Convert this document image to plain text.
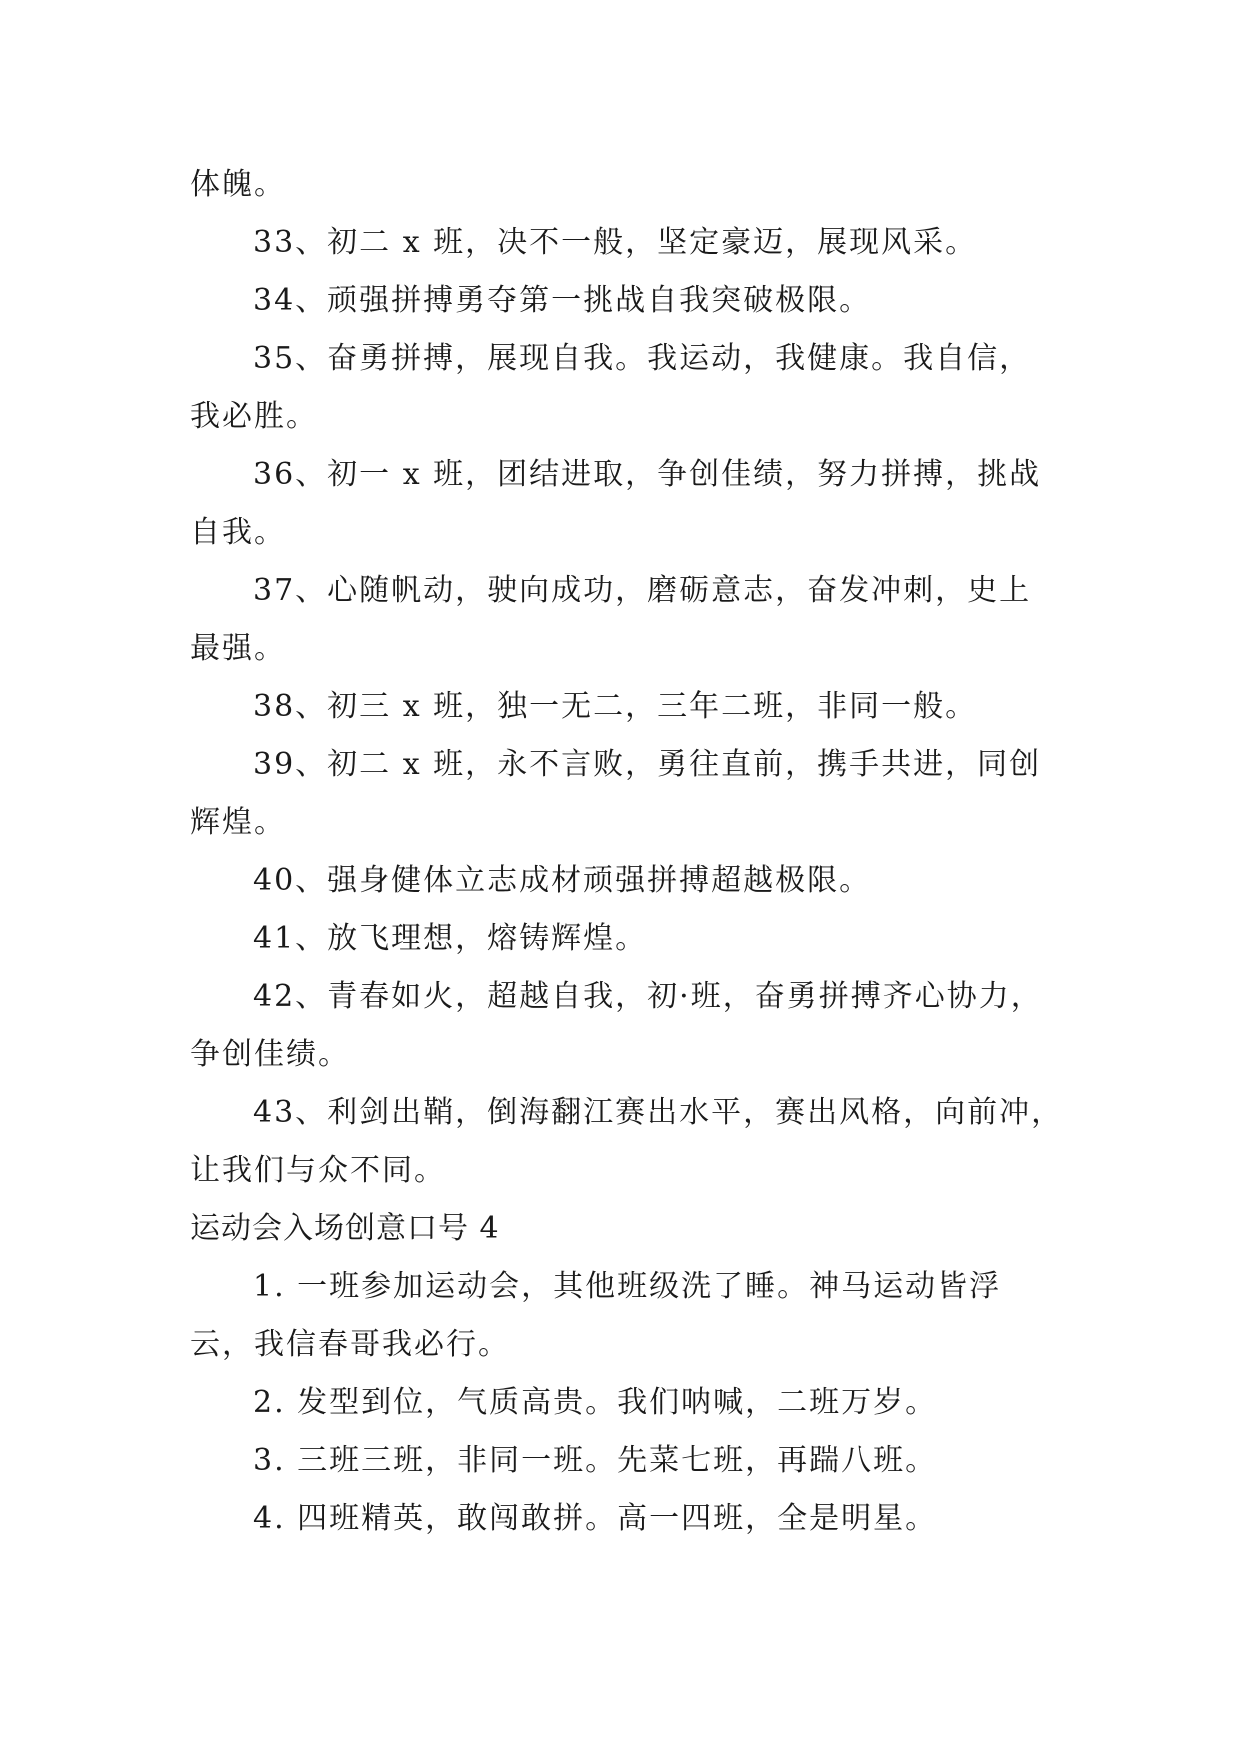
体魄。
33、初二 x 班，决不一般，坚定豪迈，展现风采。
34、顽强拼搏勇夺第一挑战自我突破极限。
35、奋勇拼搏，展现自我。我运动，我健康。我自信，
我必胜。
36、初一 x 班，团结进取，争创佳绩，努力拼搏，挑战
自我。
37、心随帆动，驶向成功，磨砺意志，奋发冲刺，史上
最强。
38、初三 x 班，独一无二，三年二班，非同一般。
39、初二 x 班，永不言败，勇往直前，携手共进，同创
辉煌。
40、强身健体立志成材顽强拼搏超越极限。
41、放飞理想，熔铸辉煌。
42、青春如火，超越自我，初·班，奋勇拼搏齐心协力，
争创佳绩。
43、利剑出鞘，倒海翻江赛出水平，赛出风格，向前冲，
让我们与众不同。
运动会入场创意口号 4
1. 一班参加运动会，其他班级洗了睡。神马运动皆浮
云，我信春哥我必行。
2. 发型到位，气质高贵。我们呐喊，二班万岁。
3. 三班三班，非同一班。先菜七班，再踹八班。
4. 四班精英，敢闯敢拼。高一四班，全是明星。
